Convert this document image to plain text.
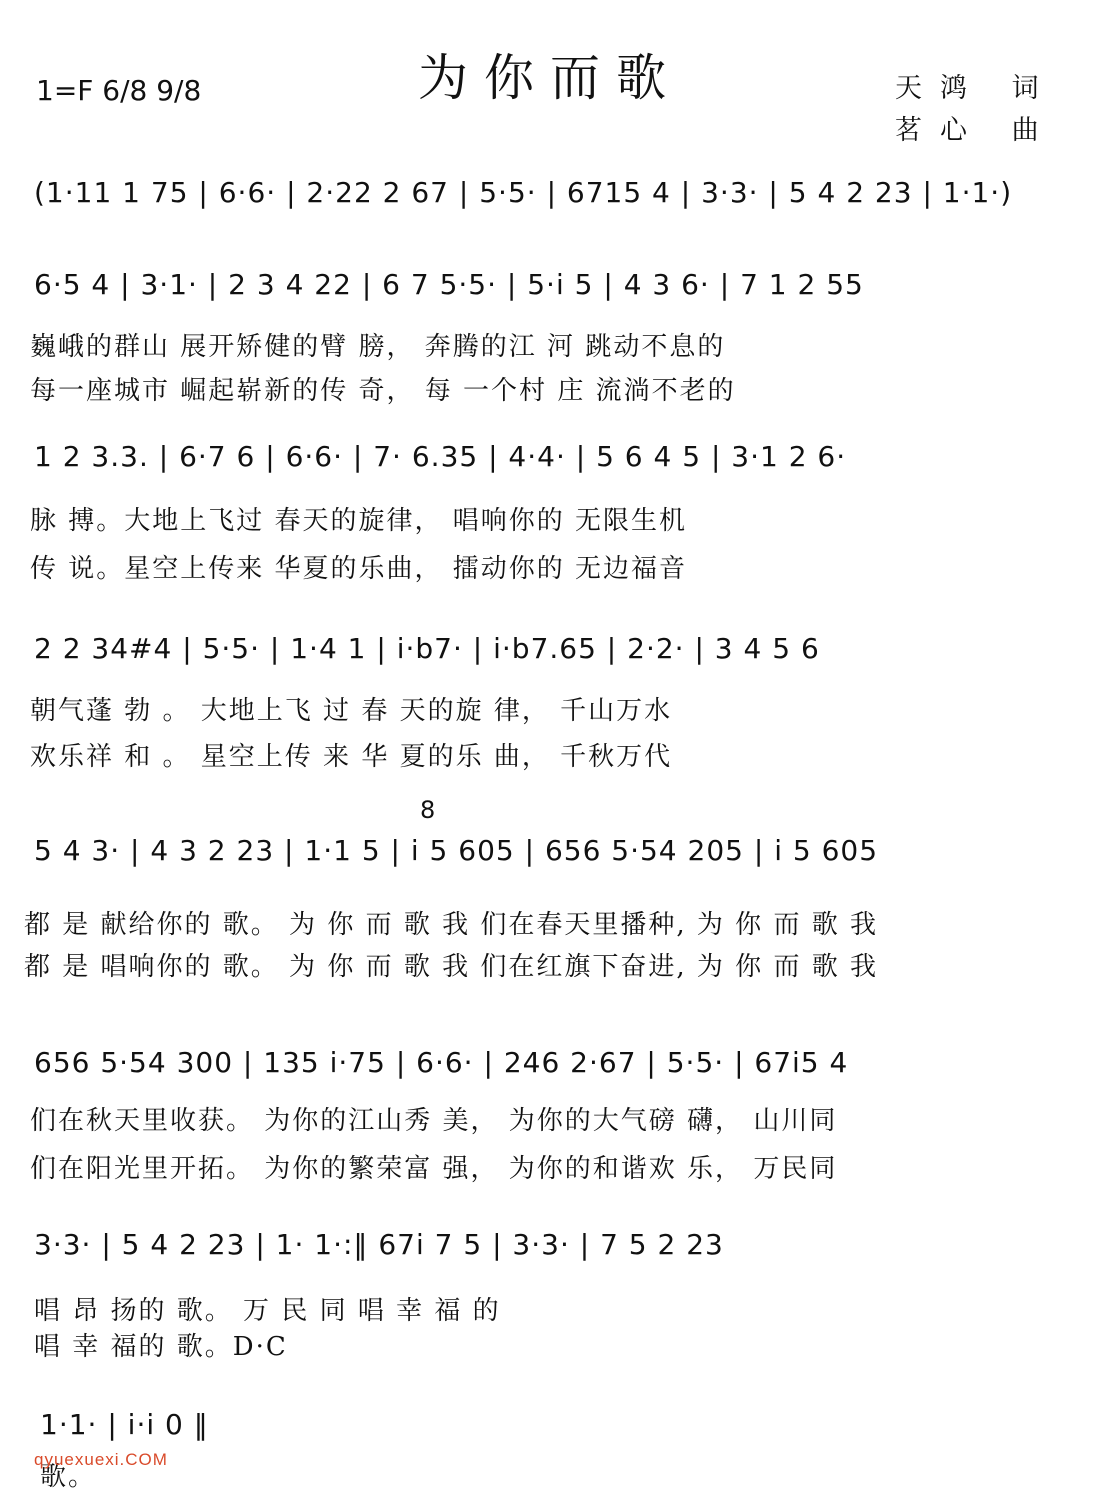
为你而歌
1=F 6/8 9/8	天鸿 词
茗心 曲
(1·11 1 75 | 6·6· | 2·22 2 67 | 5·5· | 6715 4 | 3·3· | 5 4 2 23 | 1·1·)
6·5 4 | 3·1· | 2 3 4 22 | 6 7 5·5· | 5·i 5 | 4 3 6· | 7 1 2 55
巍峨的群山 展开矫健的臂 膀， 奔腾的江 河 跳动不息的
每一座城市 崛起崭新的传 奇， 每 一个村 庄 流淌不老的
1 2 3.3. | 6·7 6 | 6·6· | 7· 6.35 | 4·4· | 5 6 4 5 | 3·1 2 6·
脉 搏。大地上飞过 春天的旋律， 唱响你的 无限生机
传 说。星空上传来 华夏的乐曲， 擂动你的 无边福音
2 2 34#4 | 5·5· | 1·4 1 | i·b7· | i·b7.65 | 2·2· | 3 4 5 6
朝气蓬 勃 。 大地上飞 过 春 天的旋 律， 千山万水
欢乐祥 和 。 星空上传 来 华 夏的乐 曲， 千秋万代
8
5 4 3· | 4 3 2 23 | 1·1 5 | i 5 605 | 656 5·54 205 | i 5 605
都 是 献给你的 歌。 为 你 而 歌 我 们在春天里播种, 为 你 而 歌 我
都 是 唱响你的 歌。 为 你 而 歌 我 们在红旗下奋进, 为 你 而 歌 我
656 5·54 300 | 135 i·75 | 6·6· | 246 2·67 | 5·5· | 67i5 4
们在秋天里收获。 为你的江山秀 美， 为你的大气磅 礴， 山川同
们在阳光里开拓。 为你的繁荣富 强， 为你的和谐欢 乐， 万民同
3·3· | 5 4 2 23 | 1· 1·:‖ 67i 7 5 | 3·3· | 7 5 2 23
唱 昂 扬的 歌。 万 民 同 唱 幸 福 的
唱 幸 福的 歌。D·C
1·1· | i·i 0 ‖
歌。
qyuexuexi.COM
